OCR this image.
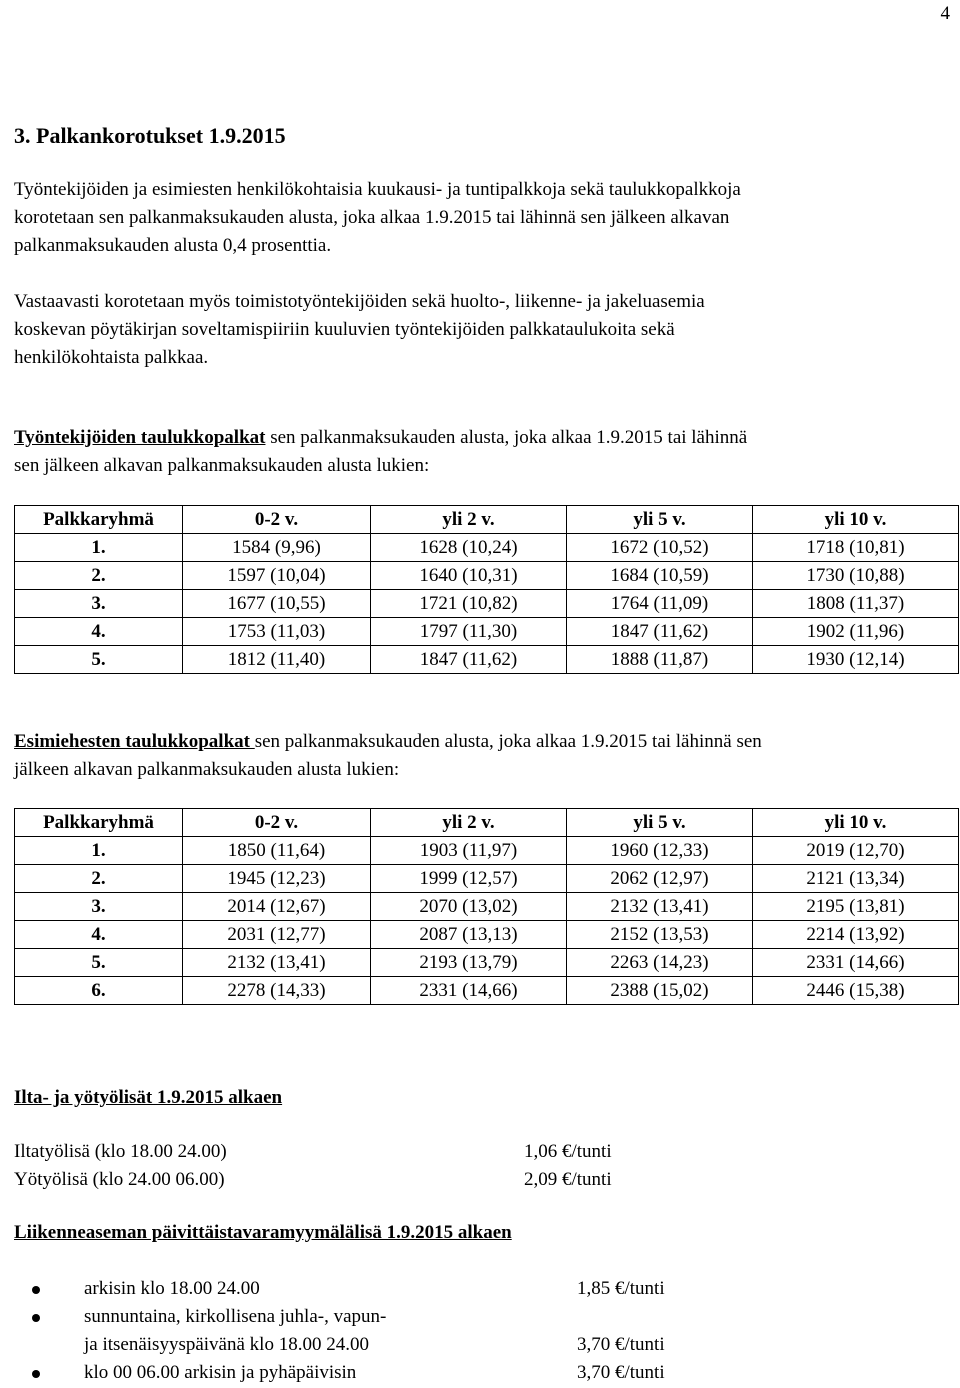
4
3. Palkankorotukset 1.9.2015

Työntekijöiden ja esimiesten henkilökohtaisia kuukausi- ja tuntipalkkoja sekä taulukkopalkkoja

korotetaan sen palkanmaksukauden alusta, joka alkaa 1.9.2015 tai lähinnä sen jälkeen alkavan

palkanmaksukauden alusta 0,4 prosenttia.

Vastaavasti korotetaan myös toimistotyöntekijöiden sekä huolto-, liikenne- ja jakeluasemia

koskevan pöytäkirjan soveltamispiiriin kuuluvien työntekijöiden palkkataulukoita sekä

henkilökohtaista palkkaa.

Työntekijöiden taulukkopalkat sen palkanmaksukauden alusta, joka alkaa 1.9.2015 tai lähinnä

sen jälkeen alkavan palkanmaksukauden alusta lukien:

Palkkaryhmä	0-2 v.	yli 2 v.	yli 5 v.	yli 10 v.
1.	1584 (9,96)	1628 (10,24)	1672 (10,52)	1718 (10,81)
2.	1597 (10,04)	1640 (10,31)	1684 (10,59)	1730 (10,88)
3.	1677 (10,55)	1721 (10,82)	1764 (11,09)	1808 (11,37)
4.	1753 (11,03)	1797 (11,30)	1847 (11,62)	1902 (11,96)
5.	1812 (11,40)	1847 (11,62)	1888 (11,87)	1930 (12,14)

Esimiehesten taulukkopalkat sen palkanmaksukauden alusta, joka alkaa 1.9.2015 tai lähinnä sen

jälkeen alkavan palkanmaksukauden alusta lukien:

Palkkaryhmä	0-2 v.	yli 2 v.	yli 5 v.	yli 10 v.
1.	1850 (11,64)	1903 (11,97)	1960 (12,33)	2019 (12,70)
2.	1945 (12,23)	1999 (12,57)	2062 (12,97)	2121 (13,34)
3.	2014 (12,67)	2070 (13,02)	2132 (13,41)	2195 (13,81)
4.	2031 (12,77)	2087 (13,13)	2152 (13,53)	2214 (13,92)
5.	2132 (13,41)	2193 (13,79)	2263 (14,23)	2331 (14,66)
6.	2278 (14,33)	2331 (14,66)	2388 (15,02)	2446 (15,38)
Ilta- ja yötyölisät 1.9.2015 alkaen
Iltatyölisä (klo 18.00 24.00)	1,06 €/tunti
Yötyölisä (klo 24.00 06.00)	2,09 €/tunti
Liikenneaseman päivittäistavaramyymälälisä 1.9.2015 alkaen
arkisin klo 18.00 24.00	1,85 €/tunti
sunnuntaina, kirkollisena juhla-, vapun-
ja itsenäisyyspäivänä klo 18.00 24.00	3,70 €/tunti
klo 00 06.00 arkisin ja pyhäpäivisin	3,70 €/tunti
